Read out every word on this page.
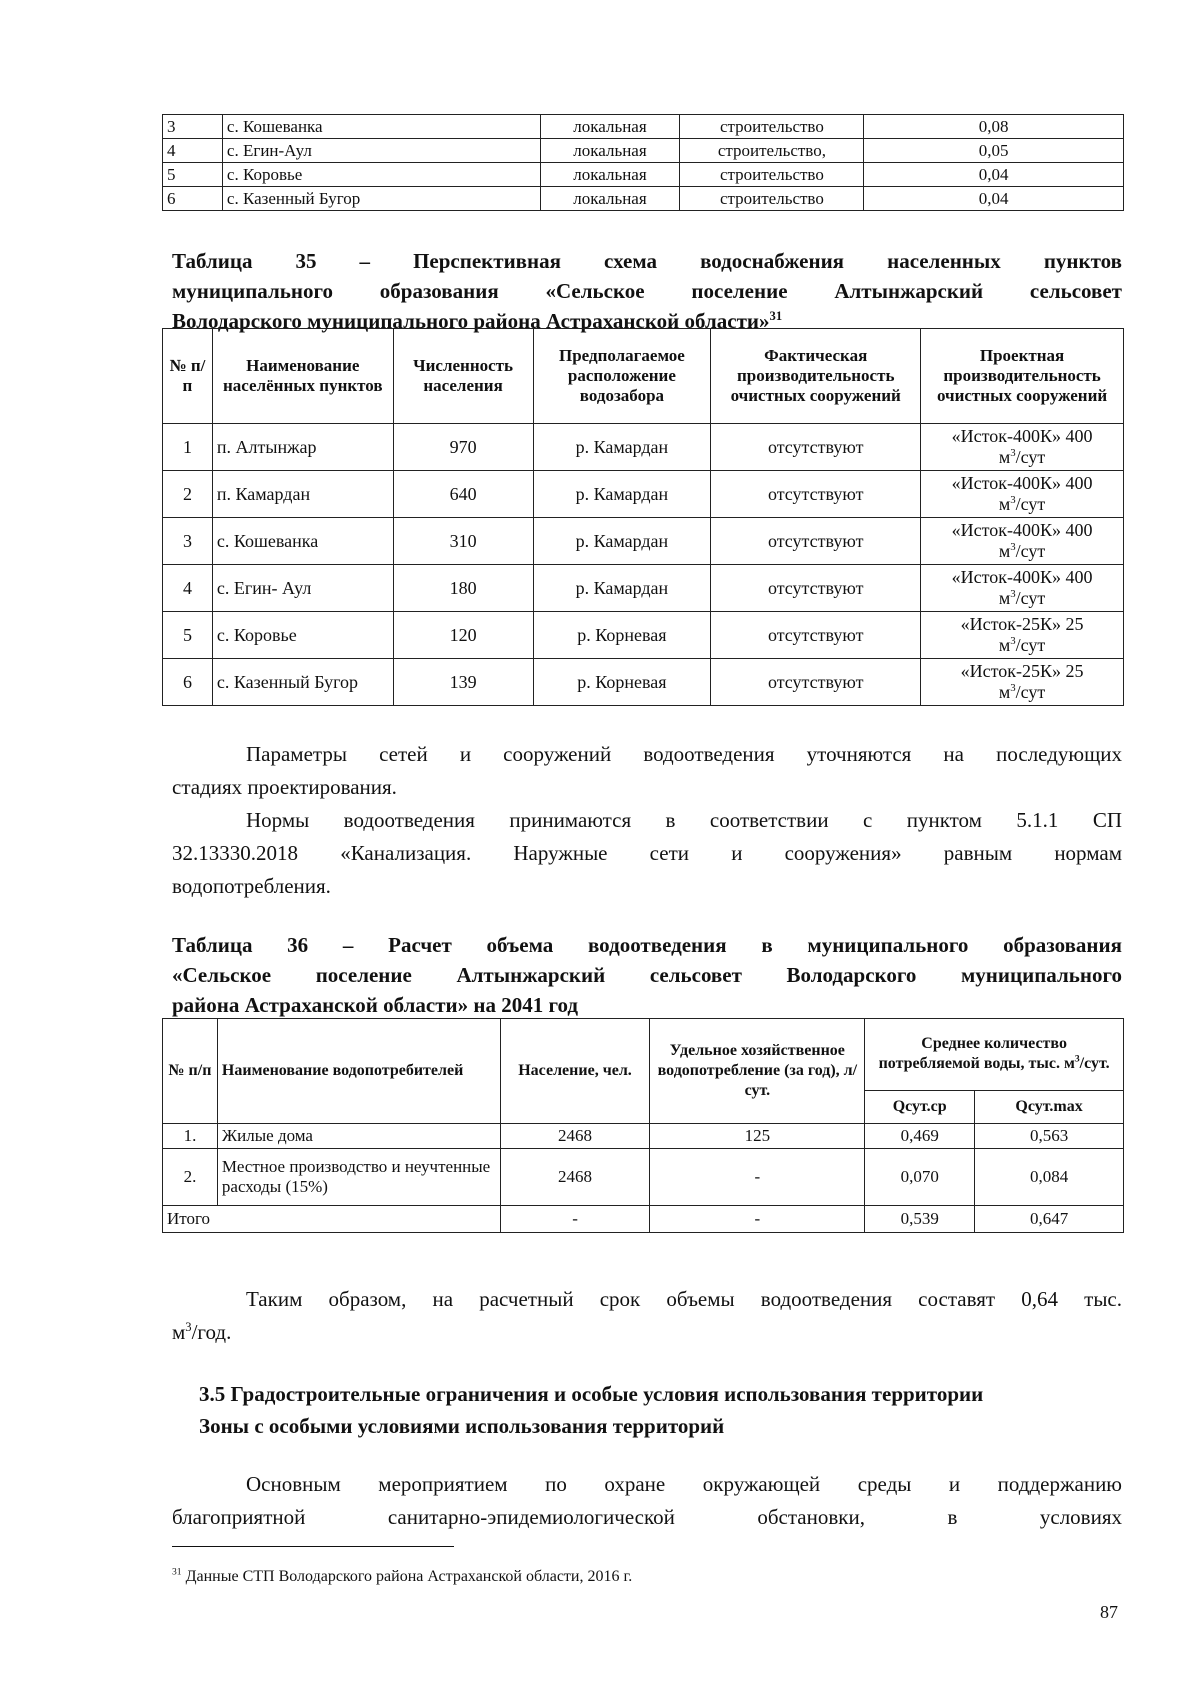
3	с. Кошеванка	локальная	строительство	0,08
4	с. Егин-Аул	локальная	строительство,	0,05
5	с. Коровье	локальная	строительство	0,04
6	с. Казенный Бугор	локальная	строительство	0,04
Таблица 35 – Перспективная схема водоснабжения населенных пунктов
муниципального образования «Сельское поселение Алтынжарский сельсовет
Володарского муниципального района Астраханской области»$^{31}$
№ п/п	Наименование населённых пунктов	Численность населения	Предполагаемое расположение водозабора	Фактическая производительность очистных сооружений	Проектная производительность очистных сооружений
1	п. Алтынжар	970	р. Камардан	отсутствуют	«Исток-400К» 400
$м^3$/сут
2	п. Камардан	640	р. Камардан	отсутствуют	«Исток-400К» 400
$м^3$/сут
3	с. Кошеванка	310	р. Камардан	отсутствуют	«Исток-400К» 400
$м^3$/сут
4	с. Егин- Аул	180	р. Камардан	отсутствуют	«Исток-400К» 400
$м^3$/сут
5	с. Коровье	120	р. Корневая	отсутствуют	«Исток-25К» 25
$м^3$/сут
6	с. Казенный Бугор	139	р. Корневая	отсутствуют	«Исток-25К» 25
$м^3$/сут
Параметры сетей и сооружений водоотведения уточняются на последующих
стадиях проектирования.
Нормы водоотведения принимаются в соответствии с пунктом 5.1.1 СП
32.13330.2018 «Канализация. Наружные сети и сооружения» равным нормам
водопотребления.
Таблица 36 – Расчет объема водоотведения в муниципального образования
«Сельское поселение Алтынжарский сельсовет Володарского муниципального
района Астраханской области» на 2041 год
№ п/п	Наименование водопотребителей	Население, чел.	Удельное хозяйственное водопотребление (за год), л/сут.	Среднее количество потребляемой воды, тыс. $м^3$/сут.	
				Qсут.ср	Qсут.max
1.	Жилые дома	2468	125	0,469	0,563
2.	Местное производство и неучтенные расходы (15%)	2468	-	0,070	0,084
Итого		-	-	0,539	0,647
Таким образом, на расчетный срок объемы водоотведения составят 0,64 тыс.
$м^3$/год.
3.5 Градостроительные ограничения и особые условия использования территории
Зоны с особыми условиями использования территорий
Основным мероприятием по охране окружающей среды и поддержанию
благоприятной санитарно-эпидемиологической обстановки, в условиях
$^{31}$ Данные СТП Володарского района Астраханской области, 2016 г.
87
